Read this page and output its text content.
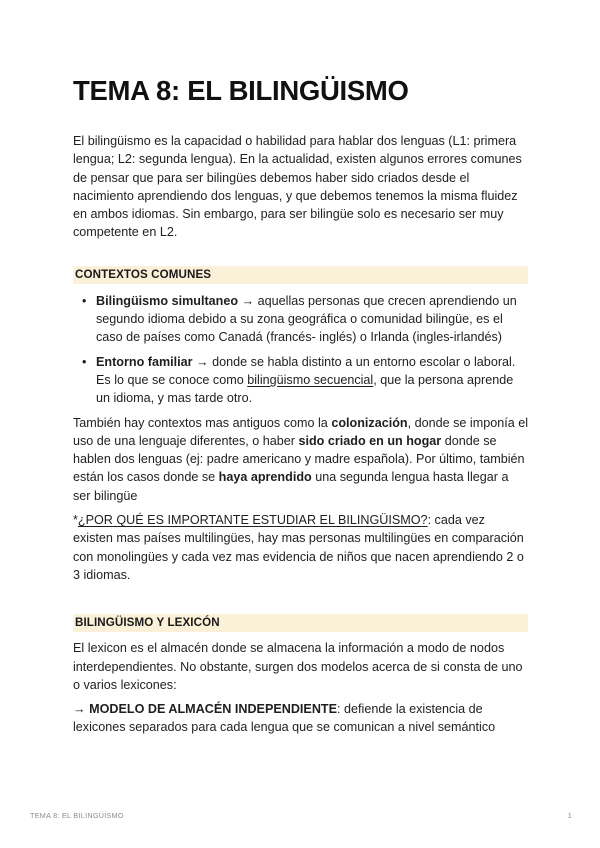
TEMA 8: EL BILINGÜISMO

El bilingüismo es la capacidad o habilidad para hablar dos lenguas (L1: primera lengua; L2: segunda lengua). En la actualidad, existen algunos errores comunes de pensar que para ser bilingües debemos haber sido criados desde el nacimiento aprendiendo dos lenguas, y que debemos tenemos la misma fluidez en ambos idiomas. Sin embargo, para ser bilingüe solo es necesario ser muy competente en L2.

CONTEXTOS COMUNES
• Bilingüismo simultaneo → aquellas personas que crecen aprendiendo un segundo idioma debido a su zona geográfica o comunidad bilingüe, es el caso de países como Canadá (francés- inglés) o Irlanda (ingles-irlandés)
• Entorno familiar → donde se habla distinto a un entorno escolar o laboral. Es lo que se conoce como bilingüismo secuencial, que la persona aprende un idioma, y mas tarde otro.

También hay contextos mas antiguos como la colonización, donde se imponía el uso de una lenguaje diferentes, o haber sido criado en un hogar donde se hablen dos lenguas (ej: padre americano y madre española). Por último, también están los casos donde se haya aprendido una segunda lengua hasta llegar a ser bilingüe

*¿POR QUÉ ES IMPORTANTE ESTUDIAR EL BILINGÜISMO?: cada vez existen mas países multilingües, hay mas personas multilingües en comparación con monolingües y cada vez mas evidencia de niños que nacen aprendiendo 2 o 3 idiomas.

BILINGÜISMO Y LEXICÓN

El lexicon es el almacén donde se almacena la información a modo de nodos interdependientes. No obstante, surgen dos modelos acerca de si consta de uno o varios lexicones:

→ MODELO DE ALMACÉN INDEPENDIENTE: defiende la existencia de lexicones separados para cada lengua que se comunican a nivel semántico

TEMA 8: EL BILINGÜISMO	1
